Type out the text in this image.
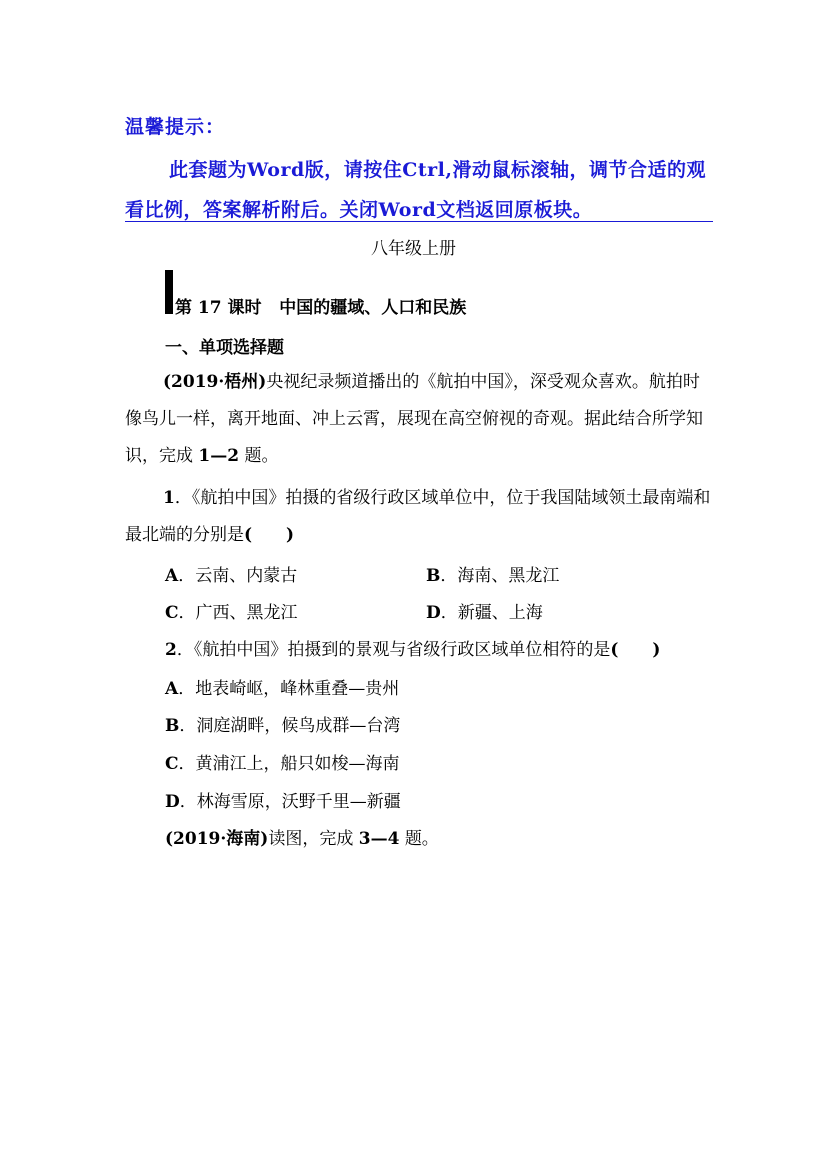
温馨提示：
此套题为Word版，请按住Ctrl,滑动鼠标滚轴，调节合适的观看比例，答案解析附后。关闭Word文档返回原板块。
八年级上册
第 17 课时 中国的疆域、人口和民族
一、单项选择题
(2019·梧州)央视纪录频道播出的《航拍中国》，深受观众喜欢。航拍时像鸟儿一样，离开地面、冲上云霄，展现在高空俯视的奇观。据此结合所学知识，完成 1—2 题。
1．《航拍中国》拍摄的省级行政区域单位中，位于我国陆域领土最南端和最北端的分别是(　　)
A．云南、内蒙古	B．海南、黑龙江
C．广西、黑龙江	D．新疆、上海
2．《航拍中国》拍摄到的景观与省级行政区域单位相符的是(　　)
A．地表崎岖，峰林重叠—贵州
B．洞庭湖畔，候鸟成群—台湾
C．黄浦江上，船只如梭—海南
D．林海雪原，沃野千里—新疆
(2019·海南)读图，完成 3—4 题。
